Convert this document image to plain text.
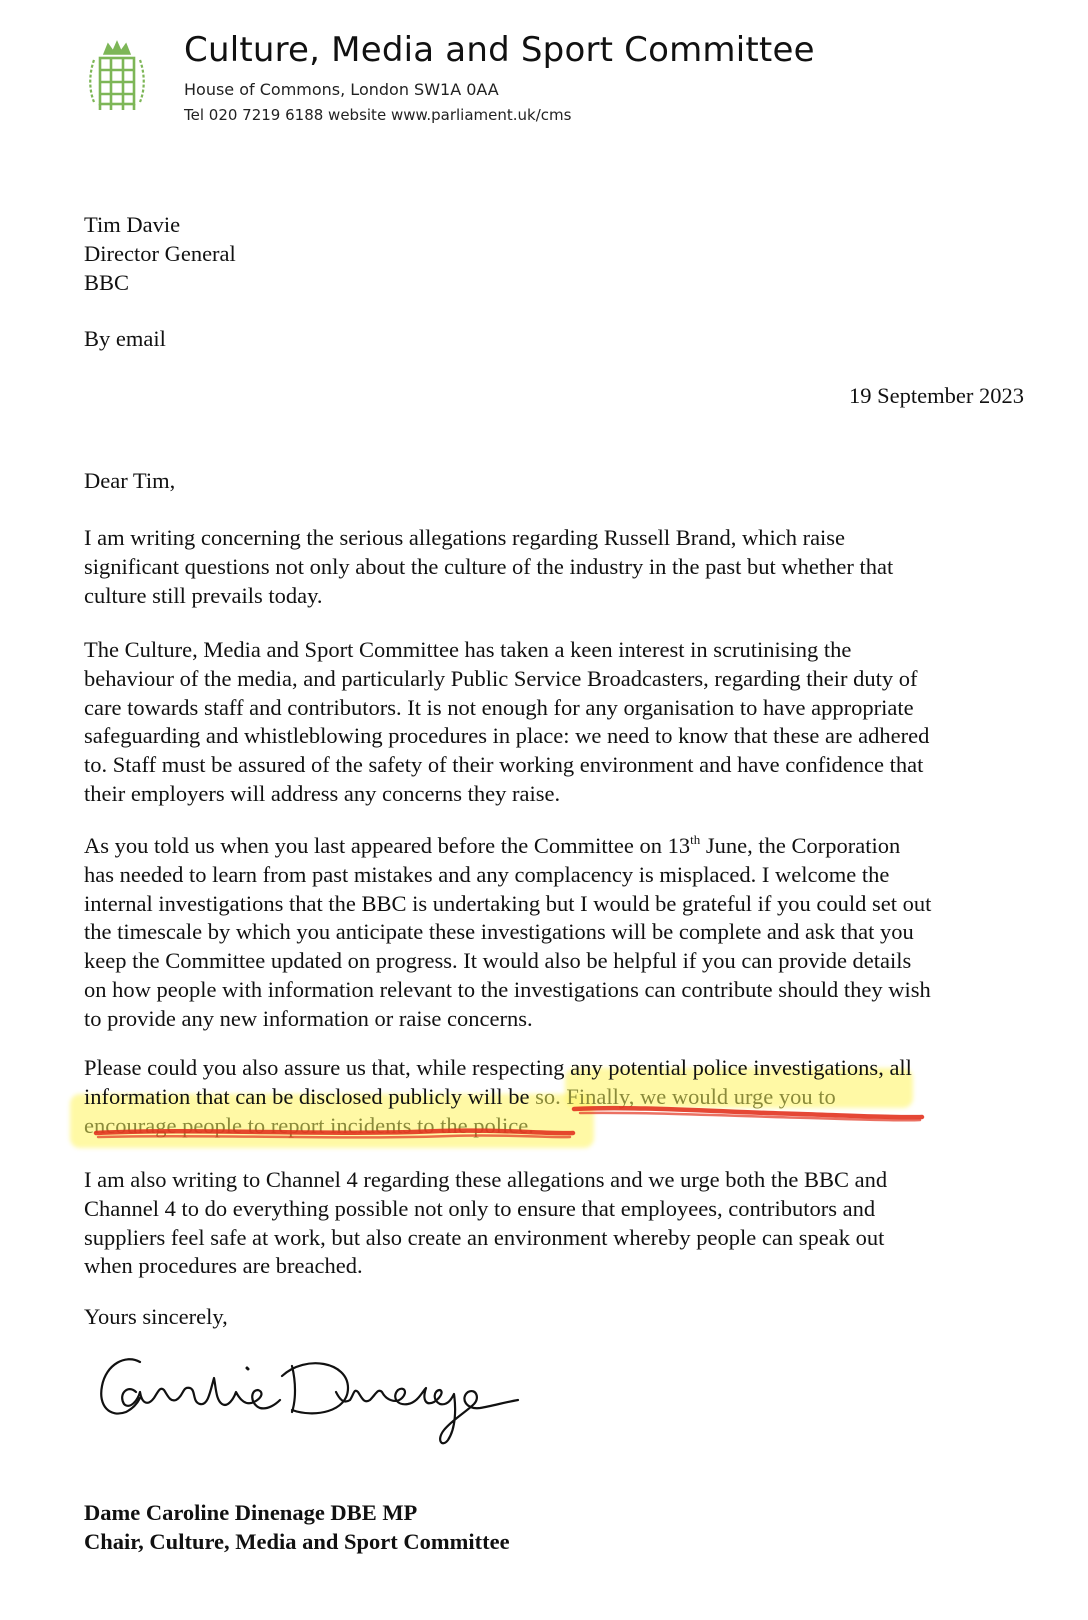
Culture, Media and Sport Committee
House of Commons, London SW1A 0AA
Tel 020 7219 6188 website www.parliament.uk/cms
Tim Davie
Director General
BBC
By email
19 September 2023
Dear Tim,
I am writing concerning the serious allegations regarding Russell Brand, which raise
significant questions not only about the culture of the industry in the past but whether that
culture still prevails today.
The Culture, Media and Sport Committee has taken a keen interest in scrutinising the
behaviour of the media, and particularly Public Service Broadcasters, regarding their duty of
care towards staff and contributors. It is not enough for any organisation to have appropriate
safeguarding and whistleblowing procedures in place: we need to know that these are adhered
to. Staff must be assured of the safety of their working environment and have confidence that
their employers will address any concerns they raise.
As you told us when you last appeared before the Committee on 13th June, the Corporation
has needed to learn from past mistakes and any complacency is misplaced. I welcome the
internal investigations that the BBC is undertaking but I would be grateful if you could set out
the timescale by which you anticipate these investigations will be complete and ask that you
keep the Committee updated on progress. It would also be helpful if you can provide details
on how people with information relevant to the investigations can contribute should they wish
to provide any new information or raise concerns.
Please could you also assure us that, while respecting any potential police investigations, all
information that can be disclosed publicly will be so. Finally, we would urge you to
encourage people to report incidents to the police.
I am also writing to Channel 4 regarding these allegations and we urge both the BBC and
Channel 4 to do everything possible not only to ensure that employees, contributors and
suppliers feel safe at work, but also create an environment whereby people can speak out
when procedures are breached.
Yours sincerely,
Dame Caroline Dinenage DBE MP
Chair, Culture, Media and Sport Committee
